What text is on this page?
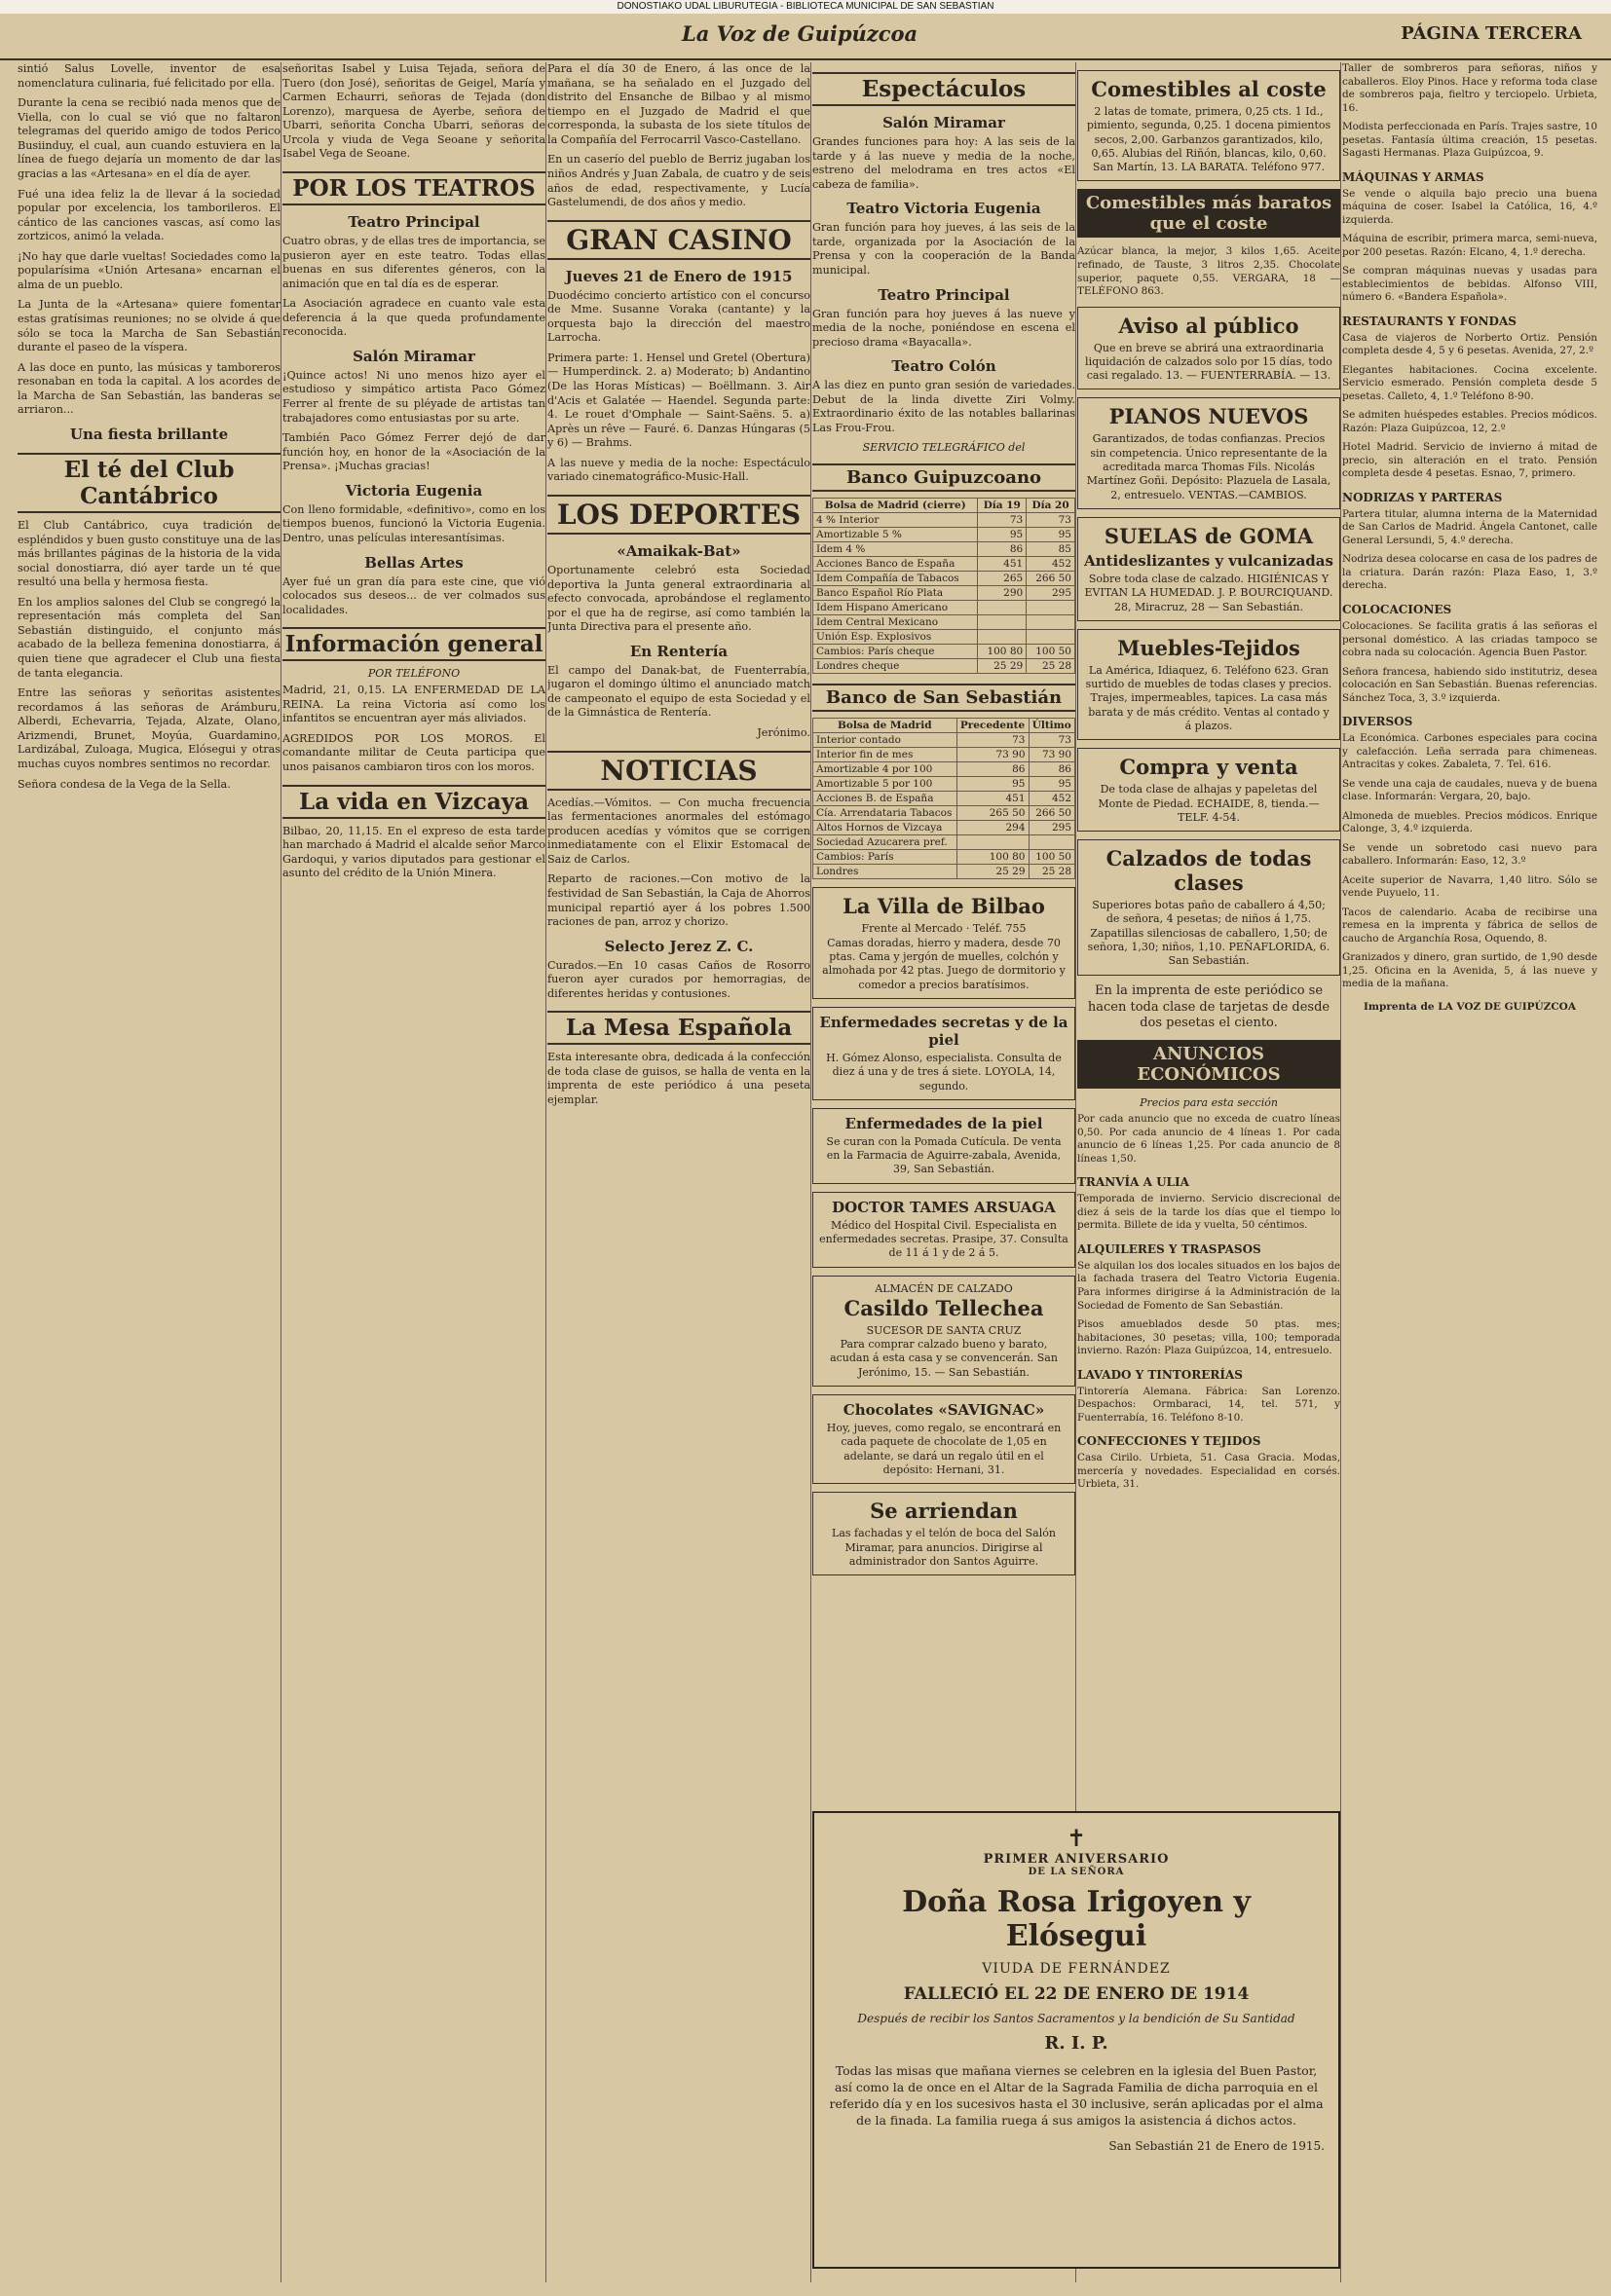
DONOSTIAKO UDAL LIBURUTEGIA - BIBLIOTECA MUNICIPAL DE SAN SEBASTIAN
La Voz de Guipúzcoa	PÁGINA TERCERA

sintió Salus Lovelle, inventor de esa nomenclatura culinaria, fué felicitado por ella.

Durante la cena se recibió nada menos que de Viella, con lo cual se vió que no faltaron telegramas del querido amigo de todos Perico Busiinduy, el cual, aun cuando estuviera en la línea de fuego dejaría un momento de dar las gracias a las «Artesana» en el día de ayer.

Fué una idea feliz la de llevar á la sociedad popular por excelencia, los tamborileros. El cántico de las canciones vascas, así como las zortzicos, animó la velada.

¡No hay que darle vueltas! Sociedades como la popularísima «Unión Artesana» encarnan el alma de un pueblo.

La Junta de la «Artesana» quiere fomentar estas gratísimas reuniones; no se olvide á que sólo se toca la Marcha de San Sebastián durante el paseo de la víspera.

A las doce en punto, las músicas y tamboreros resonaban en toda la capital. A los acordes de la Marcha de San Sebastián, las banderas se arriaron...

Una fiesta brillante
El té del Club Cantábrico

El Club Cantábrico, cuya tradición de espléndidos y buen gusto constituye una de las más brillantes páginas de la historia de la vida social donostiarra, dió ayer tarde un té que resultó una bella y hermosa fiesta.

En los amplios salones del Club se congregó la representación más completa del San Sebastián distinguido, el conjunto más acabado de la belleza femenina donostiarra, á quien tiene que agradecer el Club una fiesta de tanta elegancia.

Entre las señoras y señoritas asistentes recordamos á las señoras de Arámburu, Alberdi, Echevarria, Tejada, Alzate, Olano, Arizmendi, Brunet, Moyúa, Guardamino, Lardizábal, Zuloaga, Mugica, Elósegui y otras muchas cuyos nombres sentimos no recordar.

Señora condesa de la Vega de la Sella.

señoritas Isabel y Luisa Tejada, señora de Tuero (don José), señoritas de Geigel, María y Carmen Echaurri, señoras de Tejada (don Lorenzo), marquesa de Ayerbe, señora de Ubarri, señorita Concha Ubarri, señoras de Urcola y viuda de Vega Seoane y señorita Isabel Vega de Seoane.

POR LOS TEATROS
Teatro Principal

Cuatro obras, y de ellas tres de importancia, se pusieron ayer en este teatro. Todas ellas buenas en sus diferentes géneros, con la animación que en tal día es de esperar.

La Asociación agradece en cuanto vale esta deferencia á la que queda profundamente reconocida.

Salón Miramar

¡Quince actos! Ni uno menos hizo ayer el estudioso y simpático artista Paco Gómez Ferrer al frente de su pléyade de artistas tan trabajadores como entusiastas por su arte.

También Paco Gómez Ferrer dejó de dar función hoy, en honor de la «Asociación de la Prensa». ¡Muchas gracias!

Victoria Eugenia

Con lleno formidable, «definitivo», como en los tiempos buenos, funcionó la Victoria Eugenia. Dentro, unas películas interesantísimas.

Bellas Artes

Ayer fué un gran día para este cine, que vió colocados sus deseos... de ver colmados sus localidades.

Información general
POR TELÉFONO

Madrid, 21, 0,15. LA ENFERMEDAD DE LA REINA. La reina Victoria así como los infantitos se encuentran ayer más aliviados.

AGREDIDOS POR LOS MOROS. El comandante militar de Ceuta participa que unos paisanos cambiaron tiros con los moros.

La vida en Vizcaya

Bilbao, 20, 11,15. En el expreso de esta tarde han marchado á Madrid el alcalde señor Marco Gardoqui, y varios diputados para gestionar el asunto del crédito de la Unión Minera.

Para el día 30 de Enero, á las once de la mañana, se ha señalado en el Juzgado del distrito del Ensanche de Bilbao y al mismo tiempo en el Juzgado de Madrid el que corresponda, la subasta de los siete títulos de la Compañía del Ferrocarril Vasco-Castellano.

En un caserío del pueblo de Berriz jugaban los niños Andrés y Juan Zabala, de cuatro y de seis años de edad, respectivamente, y Lucía Gastelumendi, de dos años y medio.

GRAN CASINO
Jueves 21 de Enero de 1915

Duodécimo concierto artístico con el concurso de Mme. Susanne Voraka (cantante) y la orquesta bajo la dirección del maestro Larrocha.

Primera parte: 1. Hensel und Gretel (Obertura) — Humperdinck. 2. a) Moderato; b) Andantino (De las Horas Místicas) — Boëllmann. 3. Air d'Acis et Galatée — Haendel. Segunda parte: 4. Le rouet d'Omphale — Saint-Saëns. 5. a) Après un rêve — Fauré. 6. Danzas Húngaras (5 y 6) — Brahms.

A las nueve y media de la noche: Espectáculo variado cinematográfico-Music-Hall.

LOS DEPORTES
«Amaikak-Bat»

Oportunamente celebró esta Sociedad deportiva la Junta general extraordinaria al efecto convocada, aprobándose el reglamento por el que ha de regirse, así como también la Junta Directiva para el presente año.

En Rentería

El campo del Danak-bat, de Fuenterrabía, jugaron el domingo último el anunciado match de campeonato el equipo de esta Sociedad y el de la Gimnástica de Rentería.

Jerónimo.

NOTICIAS

Acedías.—Vómitos. — Con mucha frecuencia las fermentaciones anormales del estómago producen acedías y vómitos que se corrigen inmediatamente con el Elixir Estomacal de Saiz de Carlos.

Reparto de raciones.—Con motivo de la festividad de San Sebastián, la Caja de Ahorros municipal repartió ayer á los pobres 1.500 raciones de pan, arroz y chorizo.

Selecto Jerez Z. C.

Curados.—En 10 casas Caños de Rosorro fueron ayer curados por hemorragias, de diferentes heridas y contusiones.

La Mesa Española

Esta interesante obra, dedicada á la confección de toda clase de guisos, se halla de venta en la imprenta de este periódico á una peseta ejemplar.

Espectáculos
Salón Miramar

Grandes funciones para hoy: A las seis de la tarde y á las nueve y media de la noche, estreno del melodrama en tres actos «El cabeza de familia».

Teatro Victoria Eugenia

Gran función para hoy jueves, á las seis de la tarde, organizada por la Asociación de la Prensa y con la cooperación de la Banda municipal.

Teatro Principal

Gran función para hoy jueves á las nueve y media de la noche, poniéndose en escena el precioso drama «Bayacalla».

Teatro Colón

A las diez en punto gran sesión de variedades. Debut de la linda divette Ziri Volmy. Extraordinario éxito de las notables ballarinas Las Frou-Frou.

SERVICIO TELEGRÁFICO del
Banco Guipuzcoano
Bolsa de Madrid (cierre)	Día 19	Día 20
4 % Interior	73	73
Amortizable 5 %	95	95
Idem 4 %	86	85
Acciones Banco de España	451	452
Idem Compañía de Tabacos	265	266 50
Banco Español Río Plata	290	295
Idem Hispano Americano		
Idem Central Mexicano		
Unión Esp. Explosivos		
Cambios: París cheque	100 80	100 50
Londres cheque	25 29	25 28
Banco de San Sebastián
Bolsa de Madrid	Precedente	Último
Interior contado	73	73
Interior fin de mes	73 90	73 90
Amortizable 4 por 100	86	86
Amortizable 5 por 100	95	95
Acciones B. de España	451	452
Cía. Arrendataria Tabacos	265 50	266 50
Altos Hornos de Vizcaya	294	295
Sociedad Azucarera pref.		
Cambios: París	100 80	100 50
Londres	25 29	25 28
La Villa de Bilbao
Frente al Mercado · Teléf. 755
Camas doradas, hierro y madera, desde 70 ptas. Cama y jergón de muelles, colchón y almohada por 42 ptas. Juego de dormitorio y comedor a precios baratísimos.
Enfermedades secretas y de la piel
H. Gómez Alonso, especialista. Consulta de diez á una y de tres á siete. LOYOLA, 14, segundo.
Enfermedades de la piel
Se curan con la Pomada Cutícula. De venta en la Farmacia de Aguirre-zabala, Avenida, 39, San Sebastián.
DOCTOR TAMES ARSUAGA
Médico del Hospital Civil. Especialista en enfermedades secretas. Prasipe, 37. Consulta de 11 á 1 y de 2 á 5.
ALMACÉN DE CALZADO
Casildo Tellechea
SUCESOR DE SANTA CRUZ
Para comprar calzado bueno y barato, acudan á esta casa y se convencerán. San Jerónimo, 15. — San Sebastián.
Chocolates «SAVIGNAC»
Hoy, jueves, como regalo, se encontrará en cada paquete de chocolate de 1,05 en adelante, se dará un regalo útil en el depósito: Hernani, 31.
Se arriendan
Las fachadas y el telón de boca del Salón Miramar, para anuncios. Dirigirse al administrador don Santos Aguirre.
Comestibles al coste
2 latas de tomate, primera, 0,25 cts. 1 Id., pimiento, segunda, 0,25. 1 docena pimientos secos, 2,00. Garbanzos garantizados, kilo, 0,65. Alubias del Riñón, blancas, kilo, 0,60. San Martín, 13. LA BARATA. Teléfono 977.
Comestibles más baratos que el coste

Azúcar blanca, la mejor, 3 kilos 1,65. Aceite refinado, de Tauste, 3 litros 2,35. Chocolate superior, paquete 0,55. VERGARA, 18 — TELÉFONO 863.

Aviso al público
Que en breve se abrirá una extraordinaria liquidación de calzados solo por 15 días, todo casi regalado. 13. — FUENTERRABÍA. — 13.
PIANOS NUEVOS
Garantizados, de todas confianzas. Precios sin competencia. Único representante de la acreditada marca Thomas Fils. Nicolás Martínez Goñi. Depósito: Plazuela de Lasala, 2, entresuelo. VENTAS.—CAMBIOS.
SUELAS de GOMA
Antideslizantes y vulcanizadas
Sobre toda clase de calzado. HIGIÉNICAS Y EVITAN LA HUMEDAD. J. P. BOURCIQUAND. 28, Miracruz, 28 — San Sebastián.
Muebles-Tejidos
La América, Idiaquez, 6. Teléfono 623. Gran surtido de muebles de todas clases y precios. Trajes, impermeables, tapices. La casa más barata y de más crédito. Ventas al contado y á plazos.
Compra y venta
De toda clase de alhajas y papeletas del Monte de Piedad. ECHAIDE, 8, tienda.—TELF. 4-54.
Calzados de todas clases
Superiores botas paño de caballero á 4,50; de señora, 4 pesetas; de niños á 1,75. Zapatillas silenciosas de caballero, 1,50; de señora, 1,30; niños, 1,10. PEÑAFLORIDA, 6. San Sebastián.

En la imprenta de este periódico se hacen toda clase de tarjetas de desde dos pesetas el ciento.

ANUNCIOS ECONÓMICOS
Precios para esta sección

Por cada anuncio que no exceda de cuatro líneas 0,50. Por cada anuncio de 4 líneas 1. Por cada anuncio de 6 líneas 1,25. Por cada anuncio de 8 líneas 1,50.

TRANVÍA A ULIA

Temporada de invierno. Servicio discrecional de diez á seis de la tarde los días que el tiempo lo permita. Billete de ida y vuelta, 50 céntimos.

ALQUILERES Y TRASPASOS

Se alquilan los dos locales situados en los bajos de la fachada trasera del Teatro Victoria Eugenia. Para informes dirigirse á la Administración de la Sociedad de Fomento de San Sebastián.

Pisos amueblados desde 50 ptas. mes; habitaciones, 30 pesetas; villa, 100; temporada invierno. Razón: Plaza Guipúzcoa, 14, entresuelo.

LAVADO Y TINTORERÍAS

Tintorería Alemana. Fábrica: San Lorenzo. Despachos: Ormbaraci, 14, tel. 571, y Fuenterrabía, 16. Teléfono 8-10.

CONFECCIONES Y TEJIDOS

Casa Cirilo. Urbieta, 51. Casa Gracia. Modas, mercería y novedades. Especialidad en corsés. Urbieta, 31.

Taller de sombreros para señoras, niños y caballeros. Eloy Pinos. Hace y reforma toda clase de sombreros paja, fieltro y terciopelo. Urbieta, 16.

Modista perfeccionada en París. Trajes sastre, 10 pesetas. Fantasía última creación, 15 pesetas. Sagasti Hermanas. Plaza Guipúzcoa, 9.

MÁQUINAS Y ARMAS

Se vende o alquila bajo precio una buena máquina de coser. Isabel la Católica, 16, 4.º izquierda.

Máquina de escribir, primera marca, semi-nueva, por 200 pesetas. Razón: Elcano, 4, 1.º derecha.

Se compran máquinas nuevas y usadas para establecimientos de bebidas. Alfonso VIII, número 6. «Bandera Española».

RESTAURANTS Y FONDAS

Casa de viajeros de Norberto Ortiz. Pensión completa desde 4, 5 y 6 pesetas. Avenida, 27, 2.º

Elegantes habitaciones. Cocina excelente. Servicio esmerado. Pensión completa desde 5 pesetas. Calleto, 4, 1.º Teléfono 8-90.

Se admiten huéspedes estables. Precios módicos. Razón: Plaza Guipúzcoa, 12, 2.º

Hotel Madrid. Servicio de invierno á mitad de precio, sin alteración en el trato. Pensión completa desde 4 pesetas. Esnao, 7, primero.

NODRIZAS Y PARTERAS

Partera titular, alumna interna de la Maternidad de San Carlos de Madrid. Ángela Cantonet, calle General Lersundi, 5, 4.º derecha.

Nodriza desea colocarse en casa de los padres de la criatura. Darán razón: Plaza Easo, 1, 3.º derecha.

COLOCACIONES

Colocaciones. Se facilita gratis á las señoras el personal doméstico. A las criadas tampoco se cobra nada su colocación. Agencia Buen Pastor.

Señora francesa, habiendo sido institutriz, desea colocación en San Sebastián. Buenas referencias. Sánchez Toca, 3, 3.º izquierda.

DIVERSOS

La Económica. Carbones especiales para cocina y calefacción. Leña serrada para chimeneas. Antracitas y cokes. Zabaleta, 7. Tel. 616.

Se vende una caja de caudales, nueva y de buena clase. Informarán: Vergara, 20, bajo.

Almoneda de muebles. Precios módicos. Enrique Calonge, 3, 4.º izquierda.

Se vende un sobretodo casi nuevo para caballero. Informarán: Easo, 12, 3.º

Aceite superior de Navarra, 1,40 litro. Sólo se vende Puyuelo, 11.

Tacos de calendario. Acaba de recibirse una remesa en la imprenta y fábrica de sellos de caucho de Arganchía Rosa, Oquendo, 8.

Granizados y dinero, gran surtido, de 1,90 desde 1,25. Oficina en la Avenida, 5, á las nueve y media de la mañana.

Imprenta de LA VOZ DE GUIPÚZCOA
✝
PRIMER ANIVERSARIO
DE LA SEÑORA
Doña Rosa Irigoyen y Elósegui
VIUDA DE FERNÁNDEZ
FALLECIÓ EL 22 DE ENERO DE 1914
Después de recibir los Santos Sacramentos y la bendición de Su Santidad
R. I. P.
Todas las misas que mañana viernes se celebren en la iglesia del Buen Pastor, así como la de once en el Altar de la Sagrada Familia de dicha parroquia en el referido día y en los sucesivos hasta el 30 inclusive, serán aplicadas por el alma de la finada. La familia ruega á sus amigos la asistencia á dichos actos.
San Sebastián 21 de Enero de 1915.
